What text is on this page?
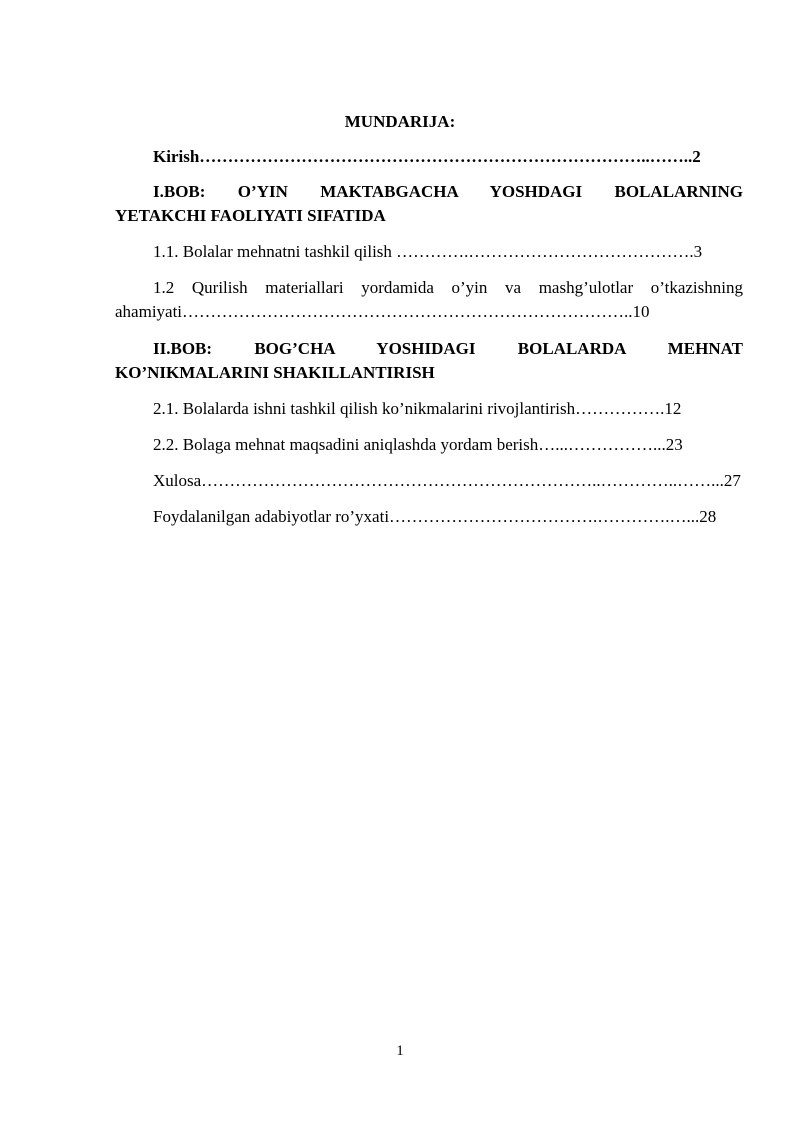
MUNDARIJA:
Kirish……………………………………………………………………..……..2
I.BOB: O’YIN MAKTABGACHA YOSHDAGI BOLALARNING
YETAKCHI FAOLIYATI SIFATIDA
1.1. Bolalar mehnatni tashkil qilish ………….………………………………….3
1.2 Qurilish materiallari yordamida o’yin va mashg’ulotlar o’tkazishning
ahamiyati……………………………………………………………………..10
II.BOB: BOG’CHA YOSHIDAGI BOLALARDA MEHNAT
KO’NIKMALARINI SHAKILLANTIRISH
2.1. Bolalarda ishni tashkil qilish ko’nikmalarini rivojlantirish…………….12
2.2. Bolaga mehnat maqsadini aniqlashda yordam berish…...……………...23
Xulosa……………………………………………………………..…………..……...27
Foydalanilgan adabiyotlar ro’yxati……………………………….………….…...28
1
